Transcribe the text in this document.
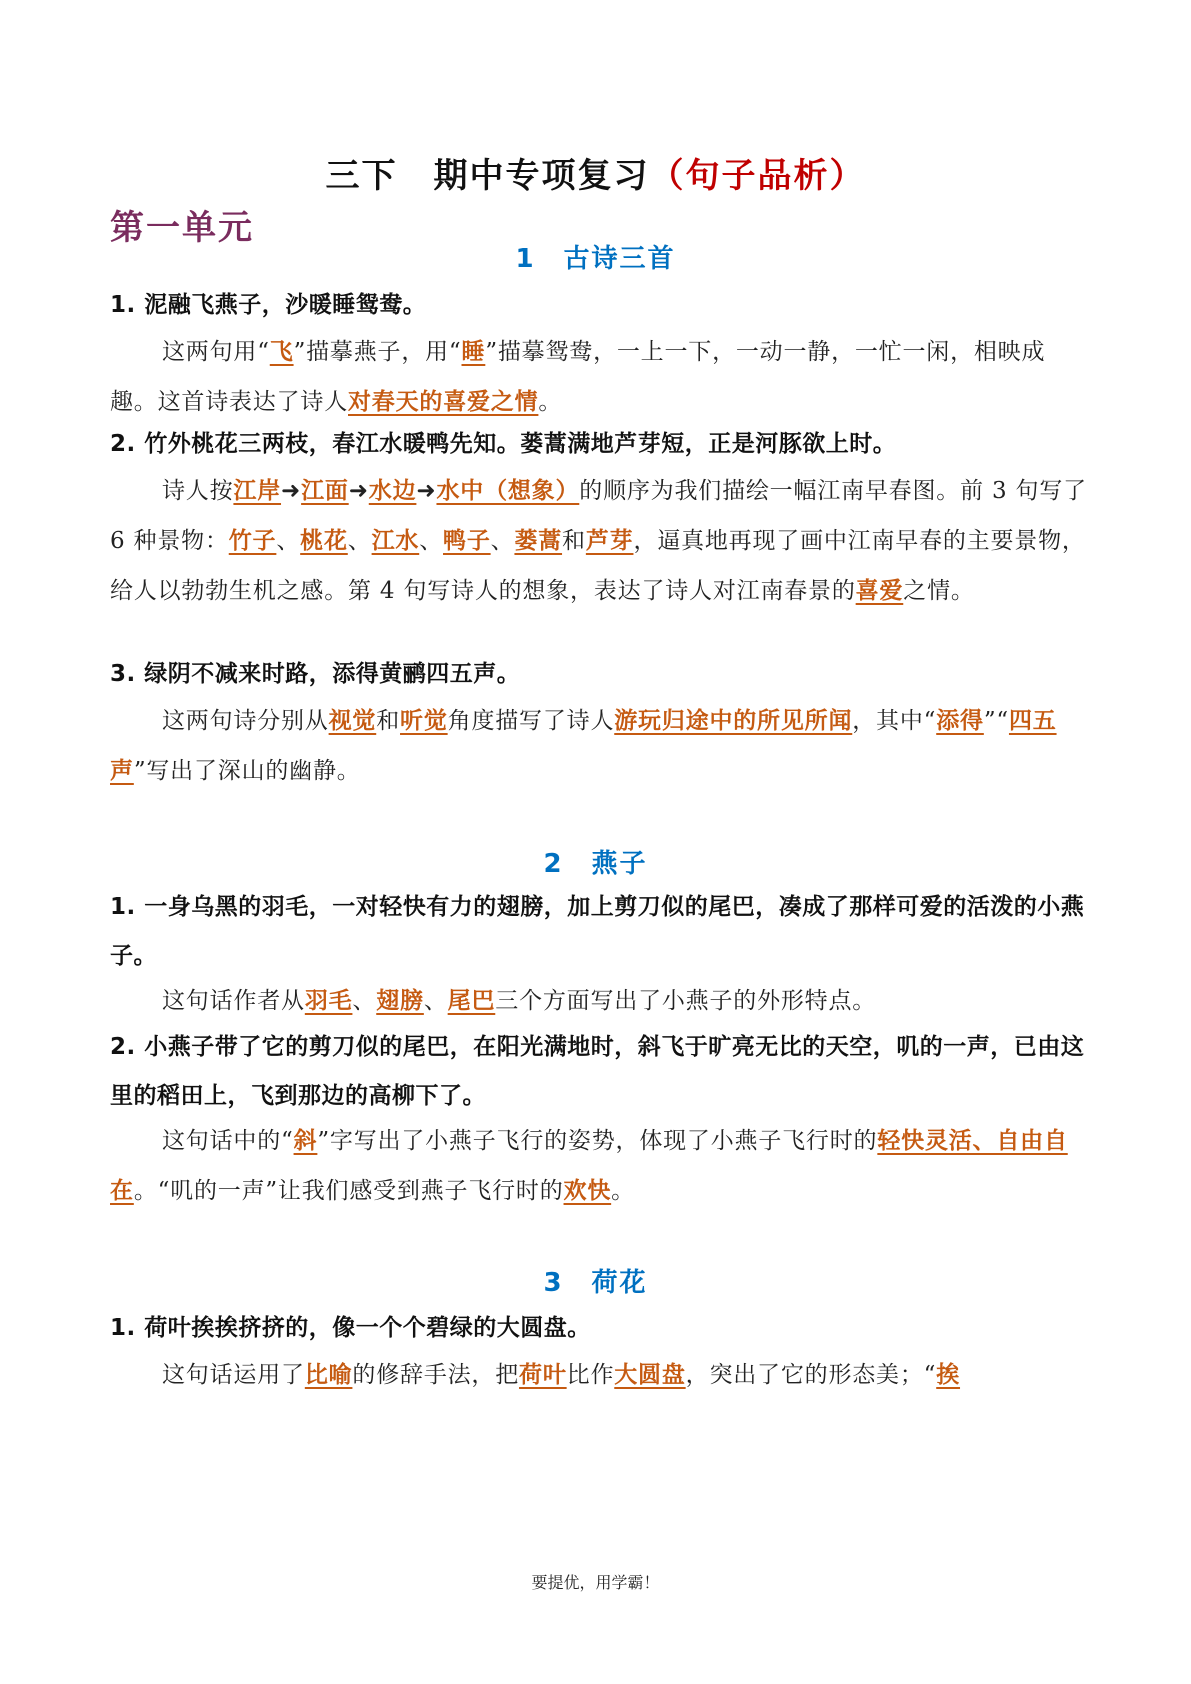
三下　期中专项复习（句子品析）
第一单元
1　古诗三首
1. 泥融飞燕子，沙暖睡鸳鸯。
这两句用“飞”描摹燕子，用“睡”描摹鸳鸯，一上一下，一动一静，一忙一闲，相映成趣。这首诗表达了诗人对春天的喜爱之情。
2. 竹外桃花三两枝，春江水暖鸭先知。蒌蒿满地芦芽短，正是河豚欲上时。
诗人按江岸➜江面➜水边➜水中（想象）的顺序为我们描绘一幅江南早春图。前 3 句写了 6 种景物：竹子、桃花、江水、鸭子、蒌蒿和芦芽，逼真地再现了画中江南早春的主要景物，给人以勃勃生机之感。第 4 句写诗人的想象，表达了诗人对江南春景的喜爱之情。
3. 绿阴不减来时路，添得黄鹂四五声。
这两句诗分别从视觉和听觉角度描写了诗人游玩归途中的所见所闻，其中“添得”“四五声”写出了深山的幽静。
2　燕子
1. 一身乌黑的羽毛，一对轻快有力的翅膀，加上剪刀似的尾巴，凑成了那样可爱的活泼的小燕子。
这句话作者从羽毛、翅膀、尾巴三个方面写出了小燕子的外形特点。
2. 小燕子带了它的剪刀似的尾巴，在阳光满地时，斜飞于旷亮无比的天空，叽的一声，已由这里的稻田上，飞到那边的高柳下了。
这句话中的“斜”字写出了小燕子飞行的姿势，体现了小燕子飞行时的轻快灵活、自由自在。“叽的一声”让我们感受到燕子飞行时的欢快。
3　荷花
1. 荷叶挨挨挤挤的，像一个个碧绿的大圆盘。
这句话运用了比喻的修辞手法，把荷叶比作大圆盘，突出了它的形态美；“挨
要提优，用学霸！
